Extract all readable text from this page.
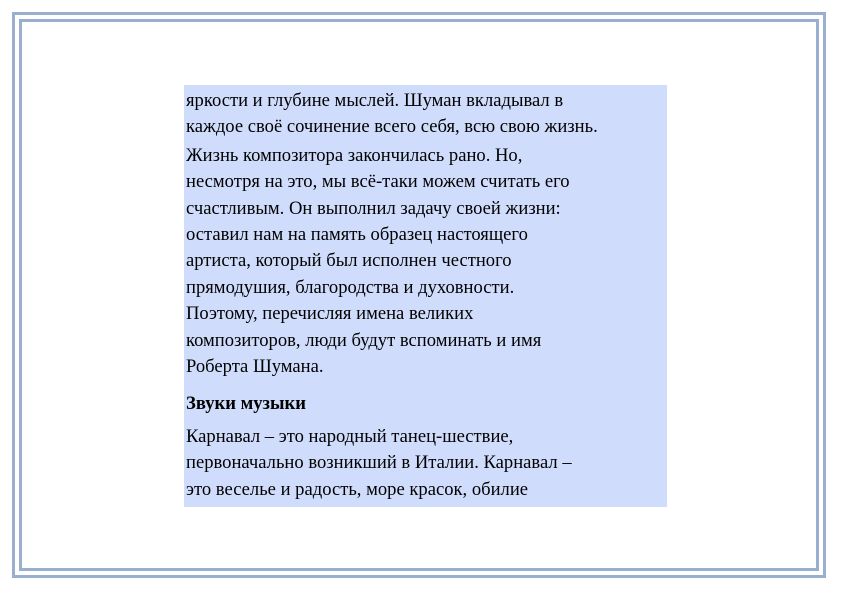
яркости и глубине мыслей. Шуман вкладывал в
каждое своё сочинение всего себя, всю свою жизнь.

Жизнь композитора закончилась рано. Но,
несмотря на это, мы всё-таки можем считать его
счастливым. Он выполнил задачу своей жизни:
оставил нам на память образец настоящего
артиста, который был исполнен честного
прямодушия, благородства и духовности.
Поэтому, перечисляя имена великих
композиторов, люди будут вспоминать и имя
Роберта Шумана.

Звуки музыки

Карнавал – это народный танец-шествие,
первоначально возникший в Италии. Карнавал –
это веселье и радость, море красок, обилие
